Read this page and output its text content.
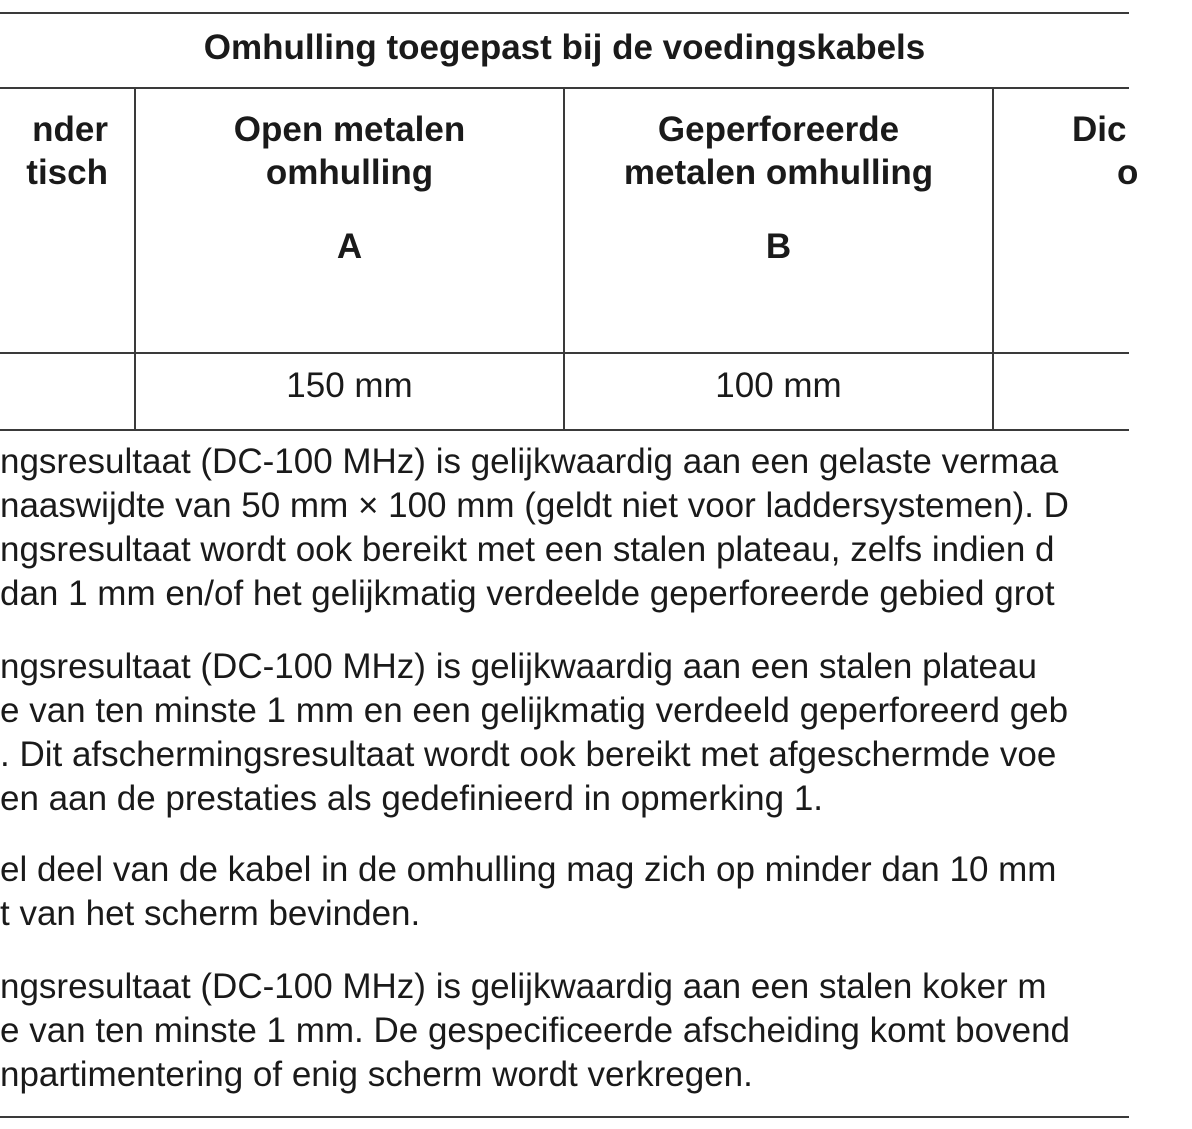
Omhulling toegepast bij de voedingskabels
nder
tisch
Open metalen
omhulling
A
Geperforeerde
metalen omhulling
B
Dic
o
150 mm	100 mm
ngsresultaat (DC-100 MHz) is gelijkwaardig aan een gelaste vermaa
naaswijdte van 50 mm × 100 mm (geldt niet voor laddersystemen). D
ngsresultaat wordt ook bereikt met een stalen plateau, zelfs indien d
dan 1 mm en/of het gelijkmatig verdeelde geperforeerde gebied grot
ngsresultaat (DC-100 MHz) is gelijkwaardig aan een stalen plateau
e van ten minste 1 mm en een gelijkmatig verdeeld geperforeerd geb
. Dit afschermingsresultaat wordt ook bereikt met afgeschermde voe
en aan de prestaties als gedefinieerd in opmerking 1.
el deel van de kabel in de omhulling mag zich op minder dan 10 mm
t van het scherm bevinden.
ngsresultaat (DC-100 MHz) is gelijkwaardig aan een stalen koker m
e van ten minste 1 mm. De gespecificeerde afscheiding komt bovend
npartimentering of enig scherm wordt verkregen.
